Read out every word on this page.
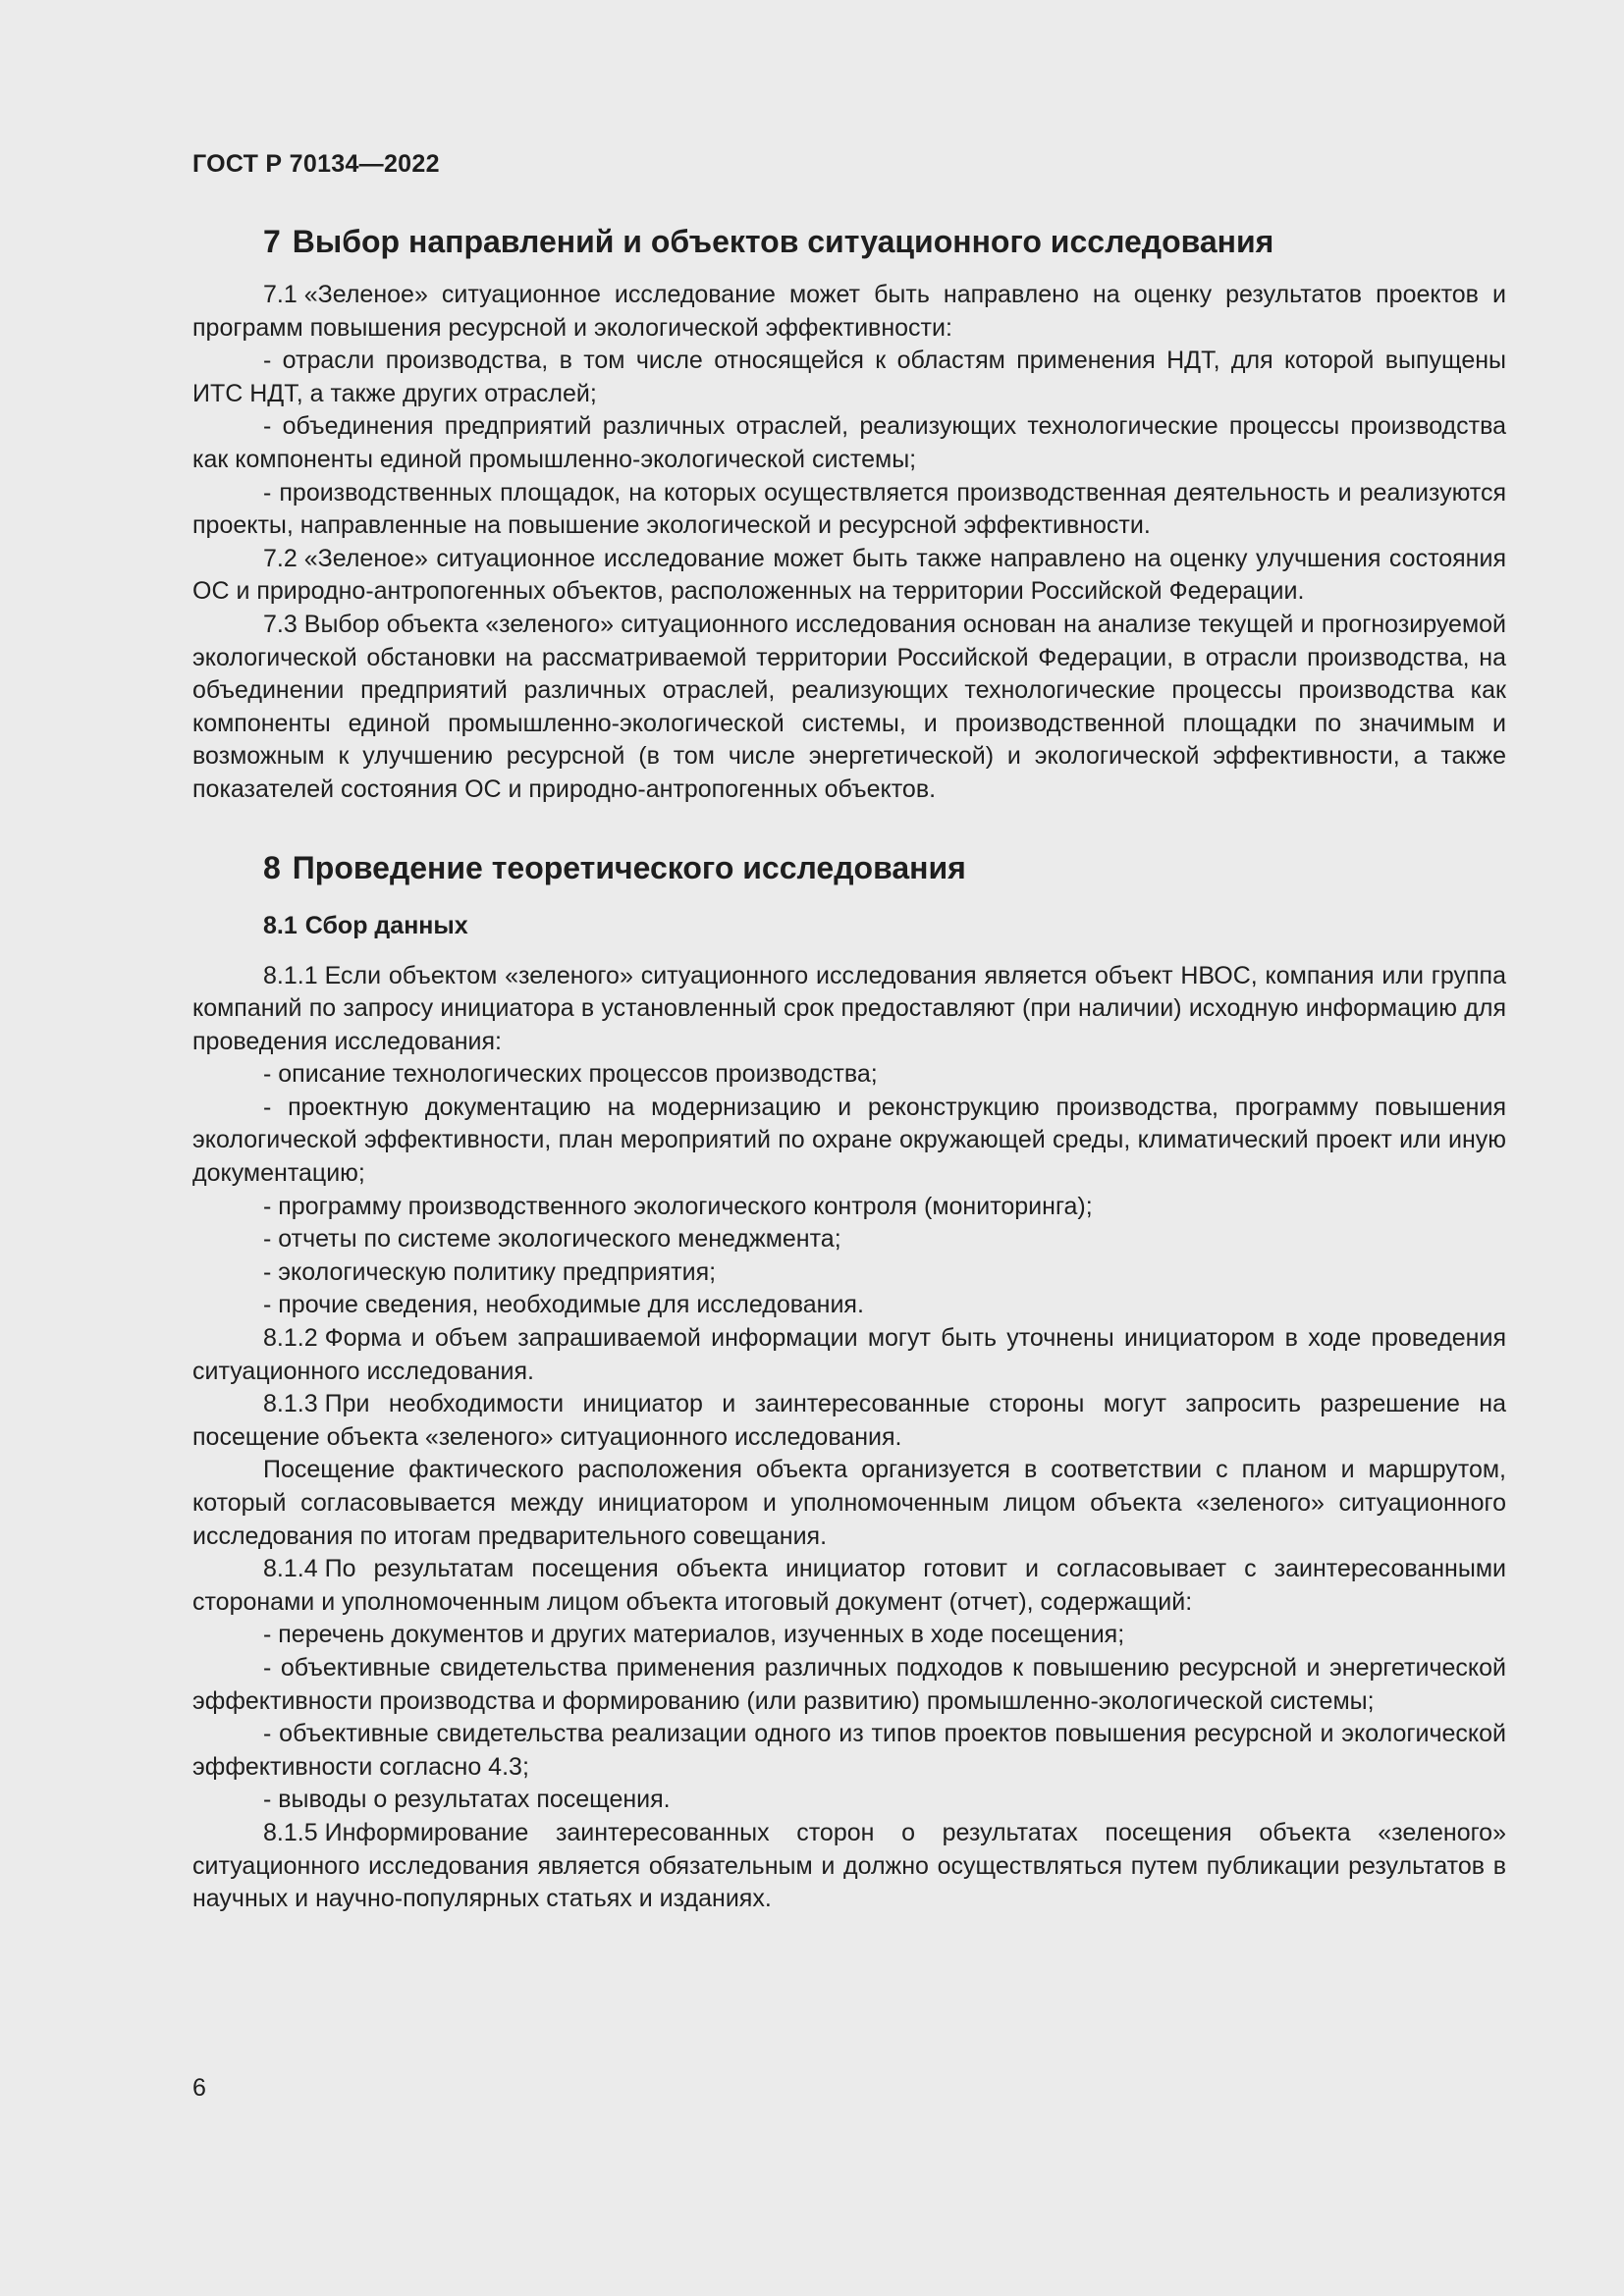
ГОСТ Р 70134—2022
7 Выбор направлений и объектов ситуационного исследования

7.1 «Зеленое» ситуационное исследование может быть направлено на оценку результатов проектов и программ повышения ресурсной и экологической эффективности:

- отрасли производства, в том числе относящейся к областям применения НДТ, для которой выпущены ИТС НДТ, а также других отраслей;

- объединения предприятий различных отраслей, реализующих технологические процессы производства как компоненты единой промышленно-экологической системы;

- производственных площадок, на которых осуществляется производственная деятельность и реализуются проекты, направленные на повышение экологической и ресурсной эффективности.

7.2 «Зеленое» ситуационное исследование может быть также направлено на оценку улучшения состояния ОС и природно-антропогенных объектов, расположенных на территории Российской Федерации.

7.3 Выбор объекта «зеленого» ситуационного исследования основан на анализе текущей и прогнозируемой экологической обстановки на рассматриваемой территории Российской Федерации, в отрасли производства, на объединении предприятий различных отраслей, реализующих технологические процессы производства как компоненты единой промышленно-экологической системы, и производственной площадки по значимым и возможным к улучшению ресурсной (в том числе энергетической) и экологической эффективности, а также показателей состояния ОС и природно-антропогенных объектов.

8 Проведение теоретического исследования
8.1 Сбор данных

8.1.1 Если объектом «зеленого» ситуационного исследования является объект НВОС, компания или группа компаний по запросу инициатора в установленный срок предоставляют (при наличии) исходную информацию для проведения исследования:

- описание технологических процессов производства;

- проектную документацию на модернизацию и реконструкцию производства, программу повышения экологической эффективности, план мероприятий по охране окружающей среды, климатический проект или иную документацию;

- программу производственного экологического контроля (мониторинга);

- отчеты по системе экологического менеджмента;

- экологическую политику предприятия;

- прочие сведения, необходимые для исследования.

8.1.2 Форма и объем запрашиваемой информации могут быть уточнены инициатором в ходе проведения ситуационного исследования.

8.1.3 При необходимости инициатор и заинтересованные стороны могут запросить разрешение на посещение объекта «зеленого» ситуационного исследования.

Посещение фактического расположения объекта организуется в соответствии с планом и маршрутом, который согласовывается между инициатором и уполномоченным лицом объекта «зеленого» ситуационного исследования по итогам предварительного совещания.

8.1.4 По результатам посещения объекта инициатор готовит и согласовывает с заинтересованными сторонами и уполномоченным лицом объекта итоговый документ (отчет), содержащий:

- перечень документов и других материалов, изученных в ходе посещения;

- объективные свидетельства применения различных подходов к повышению ресурсной и энергетической эффективности производства и формированию (или развитию) промышленно-экологической системы;

- объективные свидетельства реализации одного из типов проектов повышения ресурсной и экологической эффективности согласно 4.3;

- выводы о результатах посещения.

8.1.5 Информирование заинтересованных сторон о результатах посещения объекта «зеленого» ситуационного исследования является обязательным и должно осуществляться путем публикации результатов в научных и научно-популярных статьях и изданиях.

6
